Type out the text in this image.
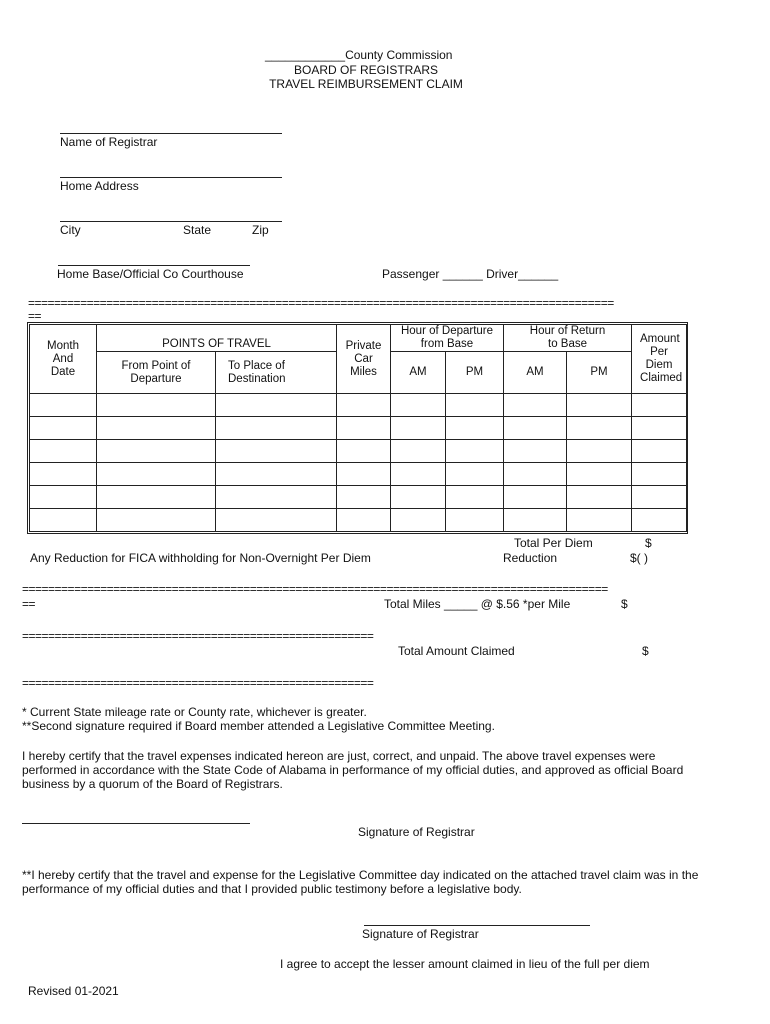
____________County Commission
BOARD OF REGISTRARS
TRAVEL REIMBURSEMENT CLAIM
Name of Registrar
Home Address
City	State	Zip
Home Base/Official Co Courthouse	Passenger ______ Driver______
==========================================================================================
==
Month And Date	POINTS OF TRAVEL		Private Car Miles	Hour of Departure from Base		Hour of Return to Base		Amount Per Diem Claimed
	From Point of Departure	To Place of Destination		AM	PM	AM	PM	

Total Per Diem	$
Any Reduction for FICA withholding for Non-Overnight Per Diem	Reduction	$( )
==========================================================================================
==	Total Miles _____ @ $.56 *per Mile	$
======================================================
Total Amount Claimed	$
======================================================
* Current State mileage rate or County rate, whichever is greater.
**Second signature required if Board member attended a Legislative Committee Meeting.
I hereby certify that the travel expenses indicated hereon are just, correct, and unpaid. The above travel expenses were performed in accordance with the State Code of Alabama in performance of my official duties, and approved as official Board business by a quorum of the Board of Registrars.
Signature of Registrar
**I hereby certify that the travel and expense for the Legislative Committee day indicated on the attached travel claim was in the performance of my official duties and that I provided public testimony before a legislative body.
Signature of Registrar
I agree to accept the lesser amount claimed in lieu of the full per diem
Revised 01-2021
